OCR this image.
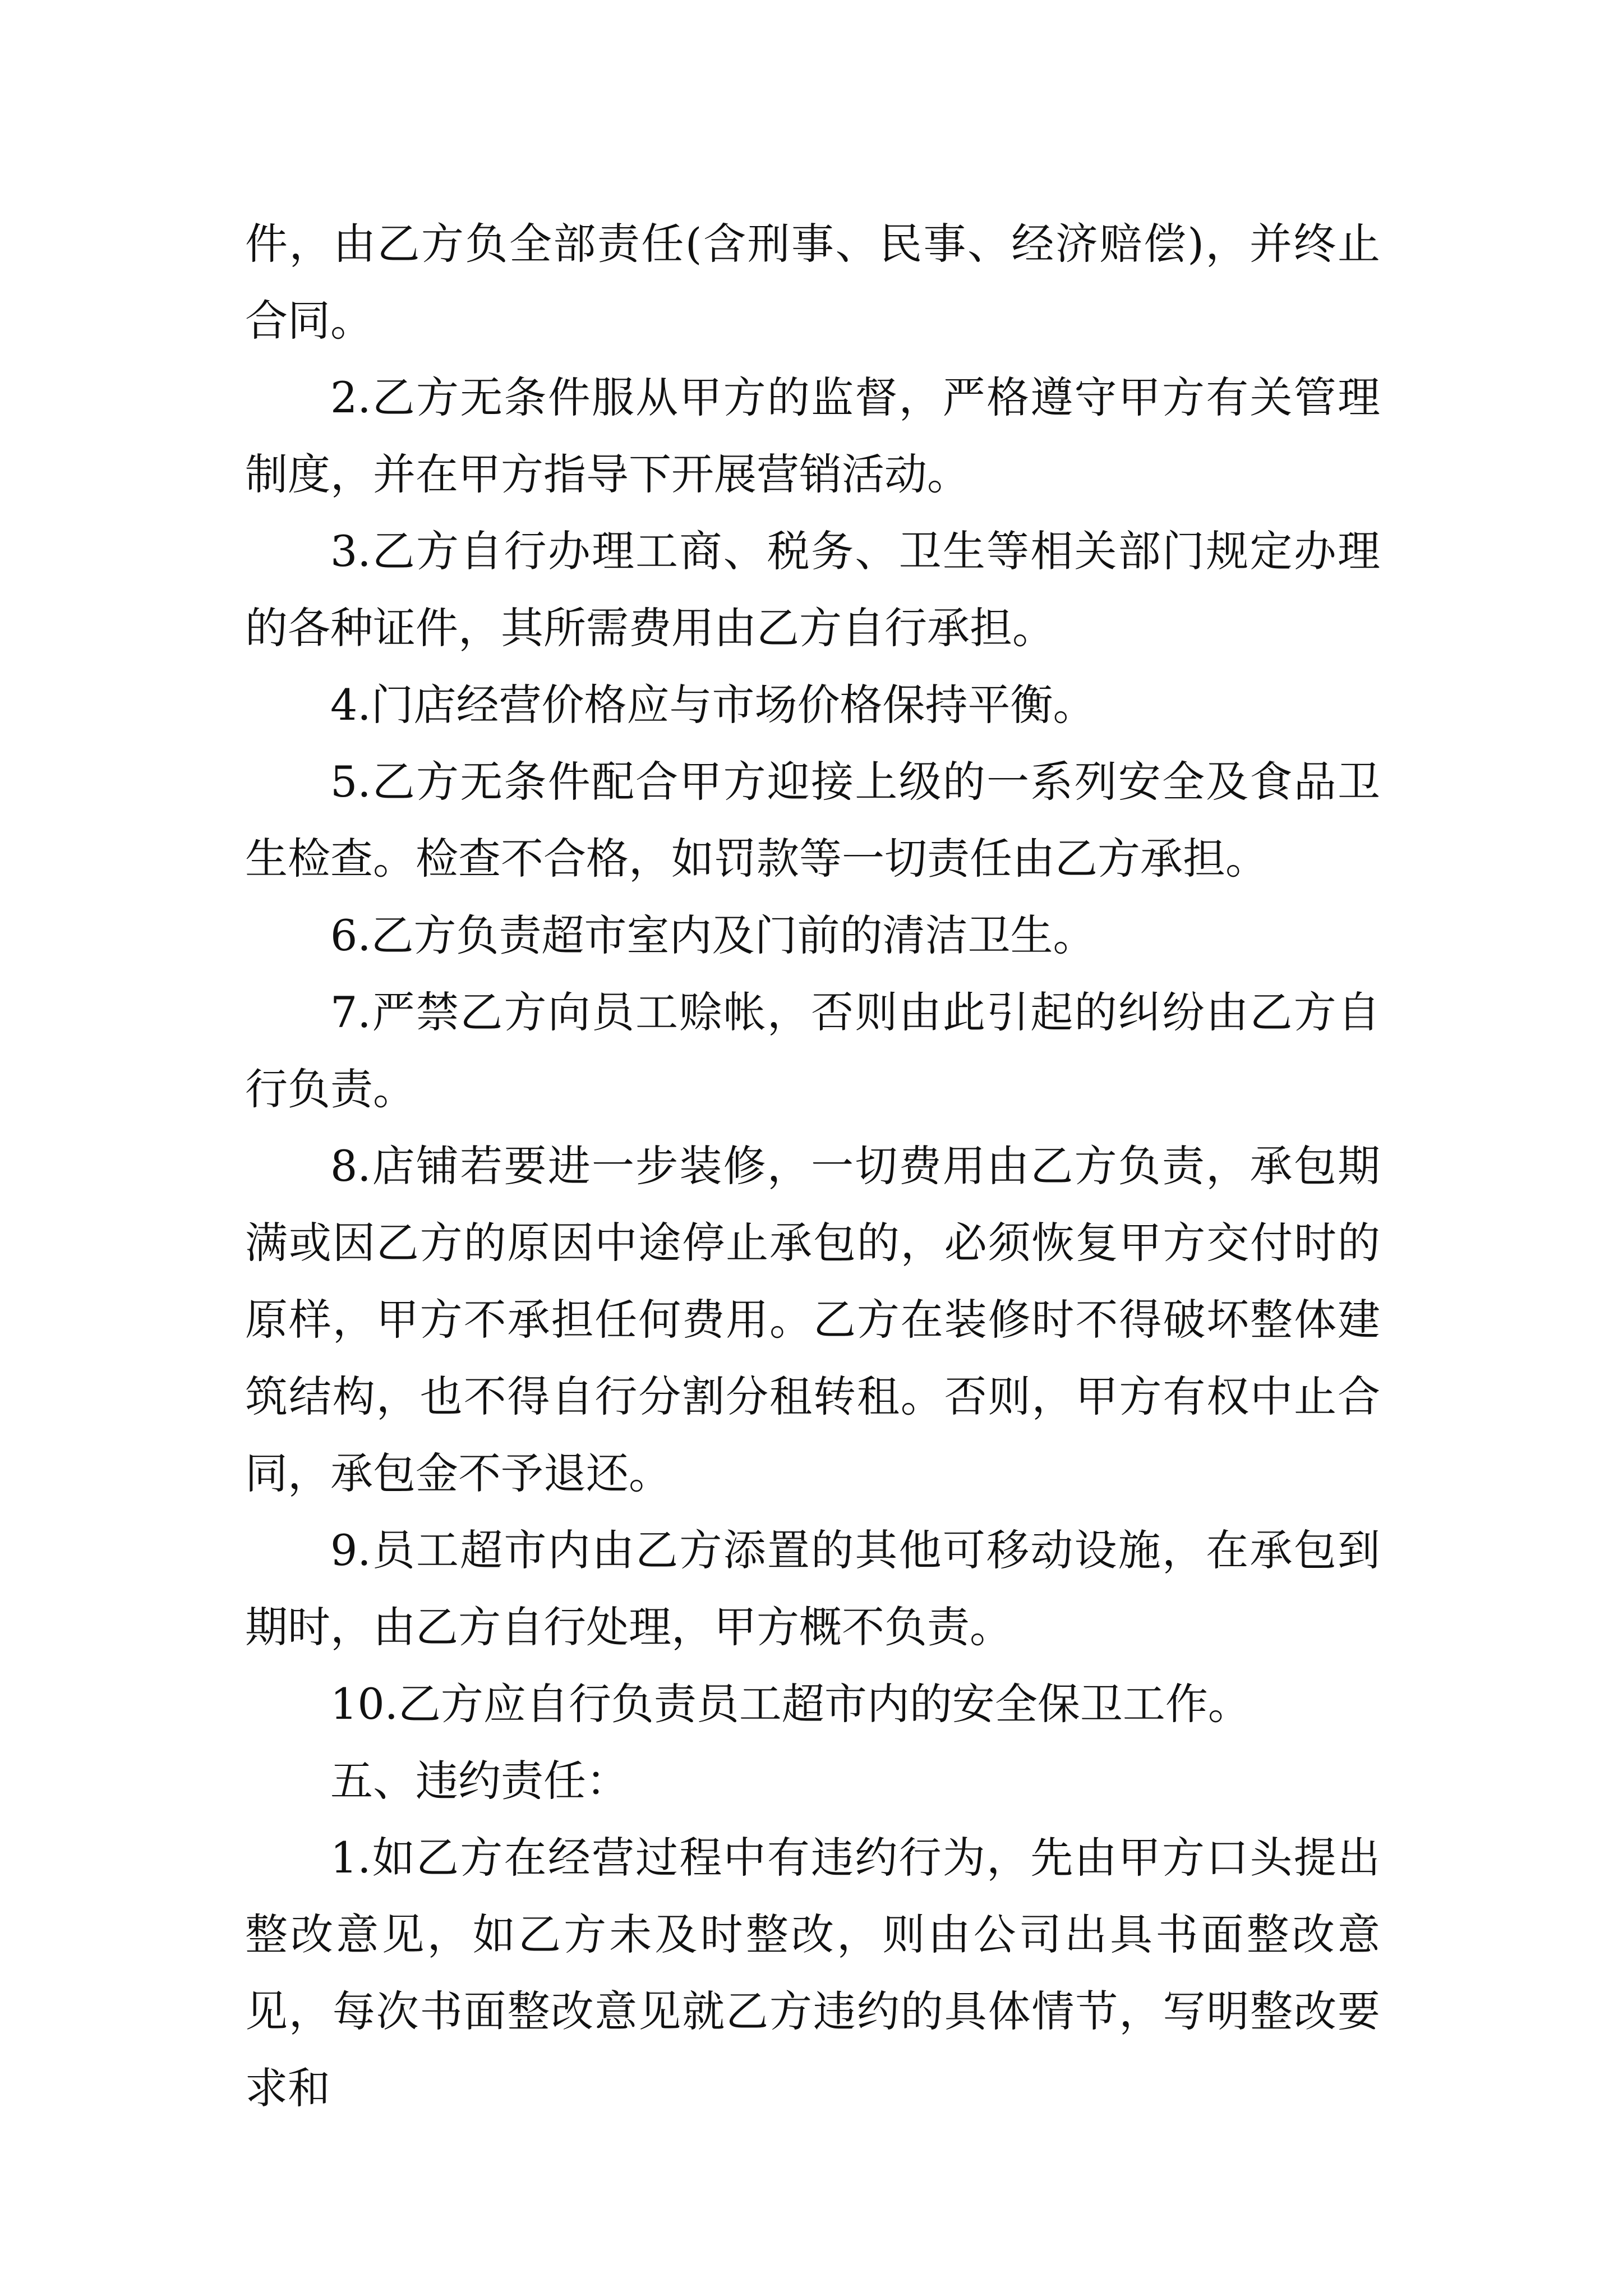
件，由乙方负全部责任(含刑事、民事、经济赔偿)，并终止合同。

2.乙方无条件服从甲方的监督，严格遵守甲方有关管理制度，并在甲方指导下开展营销活动。

3.乙方自行办理工商、税务、卫生等相关部门规定办理的各种证件，其所需费用由乙方自行承担。

4.门店经营价格应与市场价格保持平衡。

5.乙方无条件配合甲方迎接上级的一系列安全及食品卫生检查。检查不合格，如罚款等一切责任由乙方承担。

6.乙方负责超市室内及门前的清洁卫生。

7.严禁乙方向员工赊帐，否则由此引起的纠纷由乙方自行负责。

8.店铺若要进一步装修，一切费用由乙方负责，承包期满或因乙方的原因中途停止承包的，必须恢复甲方交付时的原样，甲方不承担任何费用。乙方在装修时不得破坏整体建筑结构，也不得自行分割分租转租。否则，甲方有权中止合同，承包金不予退还。

9.员工超市内由乙方添置的其他可移动设施，在承包到期时，由乙方自行处理，甲方概不负责。

10.乙方应自行负责员工超市内的安全保卫工作。

五、违约责任：

1.如乙方在经营过程中有违约行为，先由甲方口头提出整改意见，如乙方未及时整改，则由公司出具书面整改意见，每次书面整改意见就乙方违约的具体情节，写明整改要求和
